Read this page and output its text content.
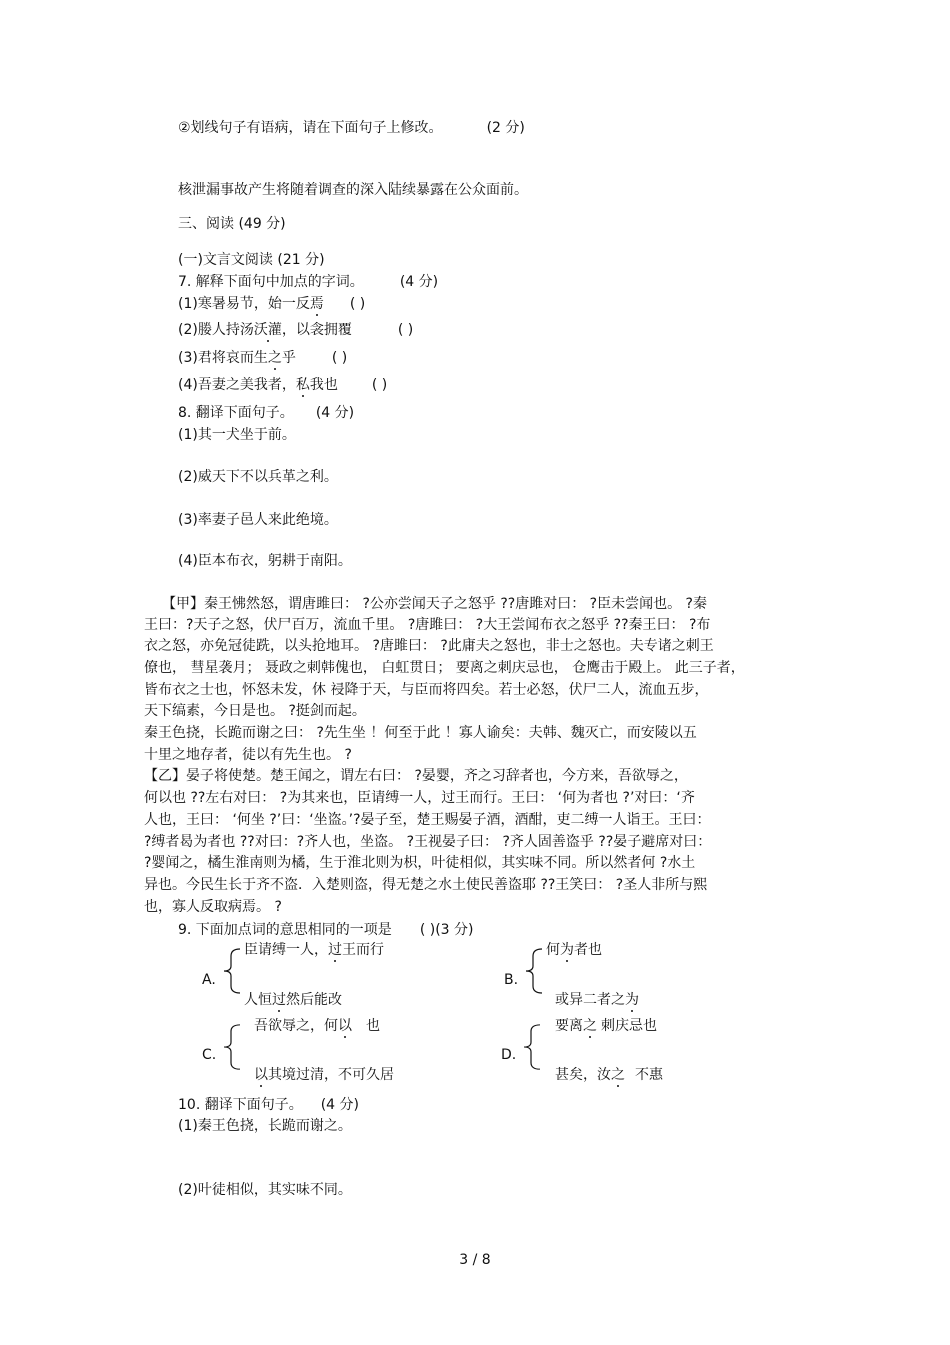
②划线句子有语病，请在下面句子上修改。	(2 分)
核泄漏事故产生将随着调查的深入陆续暴露在公众面前。
三、阅读 (49 分)
(一)文言文阅读 (21 分)
7. 解释下面句中加点的字词。	(4 分)
(1)寒暑易节，始一反焉 ( )
(2)媵人持汤沃灌，以衾拥覆	( )
(3)君将哀而生之乎	( )
(4)吾妻之美我者，私我也 ( )
8. 翻译下面句子。 (4 分)
(1)其一犬坐于前。
(2)威天下不以兵革之利。
(3)率妻子邑人来此绝境。
(4)臣本布衣，躬耕于南阳。
【甲】秦王怫然怒，谓唐雎曰： ?公亦尝闻天子之怒乎 ??唐雎对曰： ?臣未尝闻也。 ?秦
王曰：?天子之怒，伏尸百万，流血千里。 ?唐雎曰： ?大王尝闻布衣之怒乎 ??秦王曰： ?布
衣之怒，亦免冠徒跣，以头抢地耳。 ?唐雎曰： ?此庸夫之怒也，非士之怒也。夫专诸之刺王
僚也， 彗星袭月； 聂政之刺韩傀也， 白虹贯日； 要离之刺庆忌也， 仓鹰击于殿上。 此三子者，
皆布衣之士也，怀怒未发，休 祲降于天，与臣而将四矣。若士必怒，伏尸二人，流血五步，
天下缟素，今日是也。 ?挺剑而起。
秦王色挠，长跪而谢之曰： ?先生坐 ！何至于此 ！寡人谕矣：夫韩、魏灭亡，而安陵以五
十里之地存者，徒以有先生也。 ?
【乙】晏子将使楚。楚王闻之，谓左右曰： ?晏婴，齐之习辞者也，今方来，吾欲辱之，
何以也 ??左右对曰： ?为其来也，臣请缚一人，过王而行。王曰： ‘何为者也 ?’对曰：‘齐
人也，王曰： ‘何坐 ?’曰：‘坐盗。’?晏子至，楚王赐晏子酒，酒酣，吏二缚一人诣王。王曰：
?缚者曷为者也 ??对曰：?齐人也，坐盗。 ?王视晏子曰： ?齐人固善盗乎 ??晏子避席对曰：
?婴闻之，橘生淮南则为橘，生于淮北则为枳，叶徒相似，其实味不同。所以然者何 ?水土
异也。今民生长于齐不盗．入楚则盗，得无楚之水土使民善盗耶 ??王笑曰： ?圣人非所与熙
也，寡人反取病焉。 ?
9. 下面加点词的意思相同的一项是 ( )(3 分)
A.
臣请缚一人，过王而行
人恒过然后能改
B.
何为者也
或异二者之为
C.
吾欲辱之，何以 也
以其境过清，不可久居
D.
要离之 刺庆忌也
甚矣，汝之 不惠
10. 翻译下面句子。 (4 分)
(1)秦王色挠，长跪而谢之。
(2)叶徒相似，其实味不同。
3 / 8
